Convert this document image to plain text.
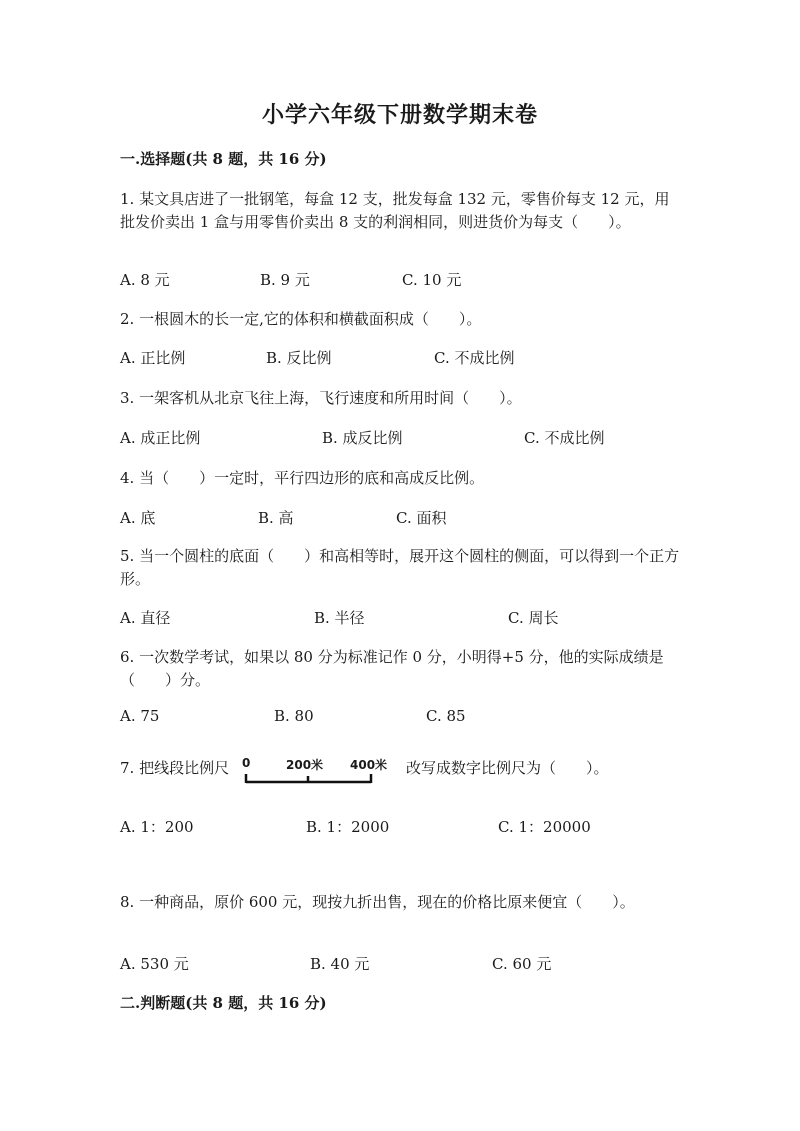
小学六年级下册数学期末卷
一.选择题(共 8 题，共 16 分)
1. 某文具店进了一批钢笔，每盒 12 支，批发每盒 132 元，零售价每支 12 元，用批发价卖出 1 盒与用零售价卖出 8 支的利润相同，则进货价为每支（　　）。
A. 8 元	B. 9 元	C. 10 元
2. 一根圆木的长一定,它的体积和横截面积成（　　）。
A. 正比例	B. 反比例	C. 不成比例
3. 一架客机从北京飞往上海，飞行速度和所用时间（　　）。
A. 成正比例	B. 成反比例	C. 不成比例
4. 当（　　）一定时，平行四边形的底和高成反比例。
A. 底	B. 高	C. 面积
5. 当一个圆柱的底面（　　）和高相等时，展开这个圆柱的侧面，可以得到一个正方形。
A. 直径	B. 半径	C. 周长
6. 一次数学考试，如果以 80 分为标准记作 0 分，小明得+5 分，他的实际成绩是（　　）分。
A. 75	B. 80	C. 85
7. 把线段比例尺 0	200米 400米 改写成数字比例尺为（　　）。
A. 1：200	B. 1：2000	C. 1：20000
8. 一种商品，原价 600 元，现按九折出售，现在的价格比原来便宜（　　）。
A. 530 元	B. 40 元	C. 60 元
二.判断题(共 8 题，共 16 分)
